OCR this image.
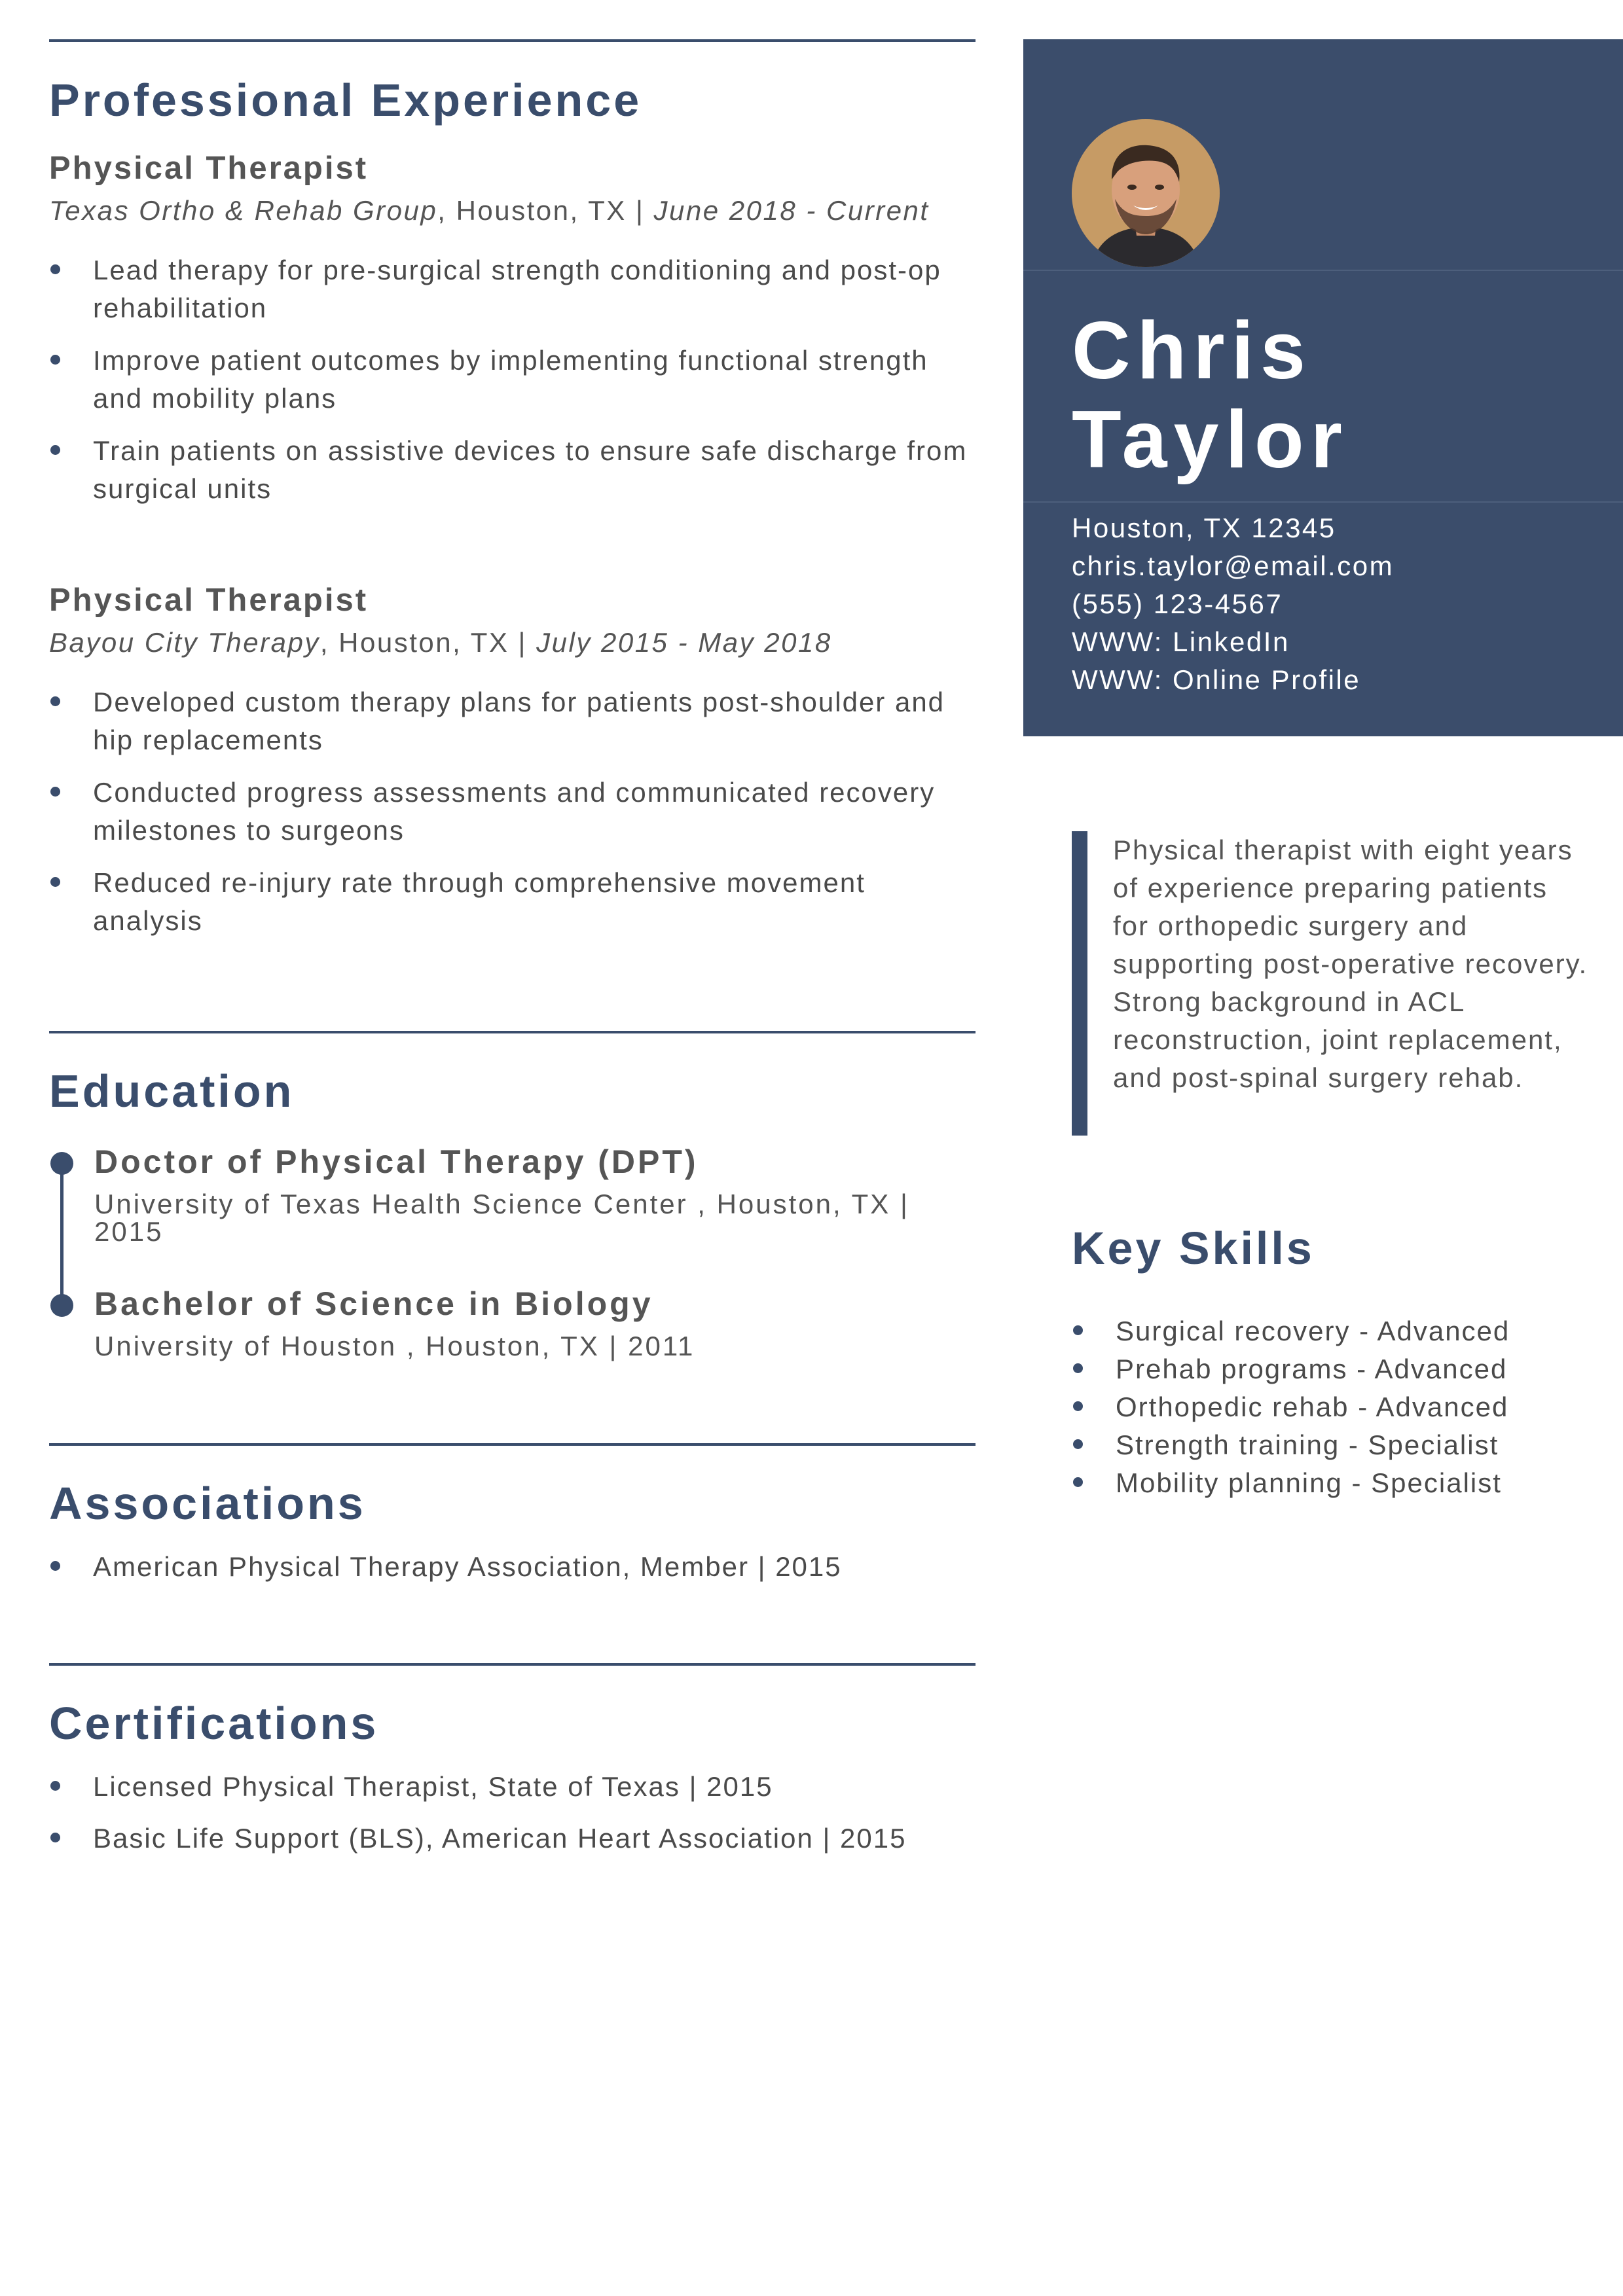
Professional Experience
Physical Therapist
Texas Ortho & Rehab Group, Houston, TX | June 2018 - Current
Lead therapy for pre-surgical strength conditioning and post-op rehabilitation
Improve patient outcomes by implementing functional strength and mobility plans
Train patients on assistive devices to ensure safe discharge from surgical units
Physical Therapist
Bayou City Therapy, Houston, TX | July 2015 - May 2018
Developed custom therapy plans for patients post-shoulder and hip replacements
Conducted progress assessments and communicated recovery milestones to surgeons
Reduced re-injury rate through comprehensive movement analysis
Education
Doctor of Physical Therapy (DPT)
University of Texas Health Science Center , Houston, TX | 2015
Bachelor of Science in Biology
University of Houston , Houston, TX | 2011
Associations
American Physical Therapy Association, Member | 2015
Certifications
Licensed Physical Therapist, State of Texas | 2015
Basic Life Support (BLS), American Heart Association | 2015
Chris
Taylor
Houston, TX 12345
chris.taylor@email.com
(555) 123-4567
WWW: LinkedIn
WWW: Online Profile
Physical therapist with eight years of experience preparing patients for orthopedic surgery and supporting post-operative recovery. Strong background in ACL reconstruction, joint replacement, and post-spinal surgery rehab.
Key Skills
Surgical recovery - Advanced
Prehab programs - Advanced
Orthopedic rehab - Advanced
Strength training - Specialist
Mobility planning - Specialist
